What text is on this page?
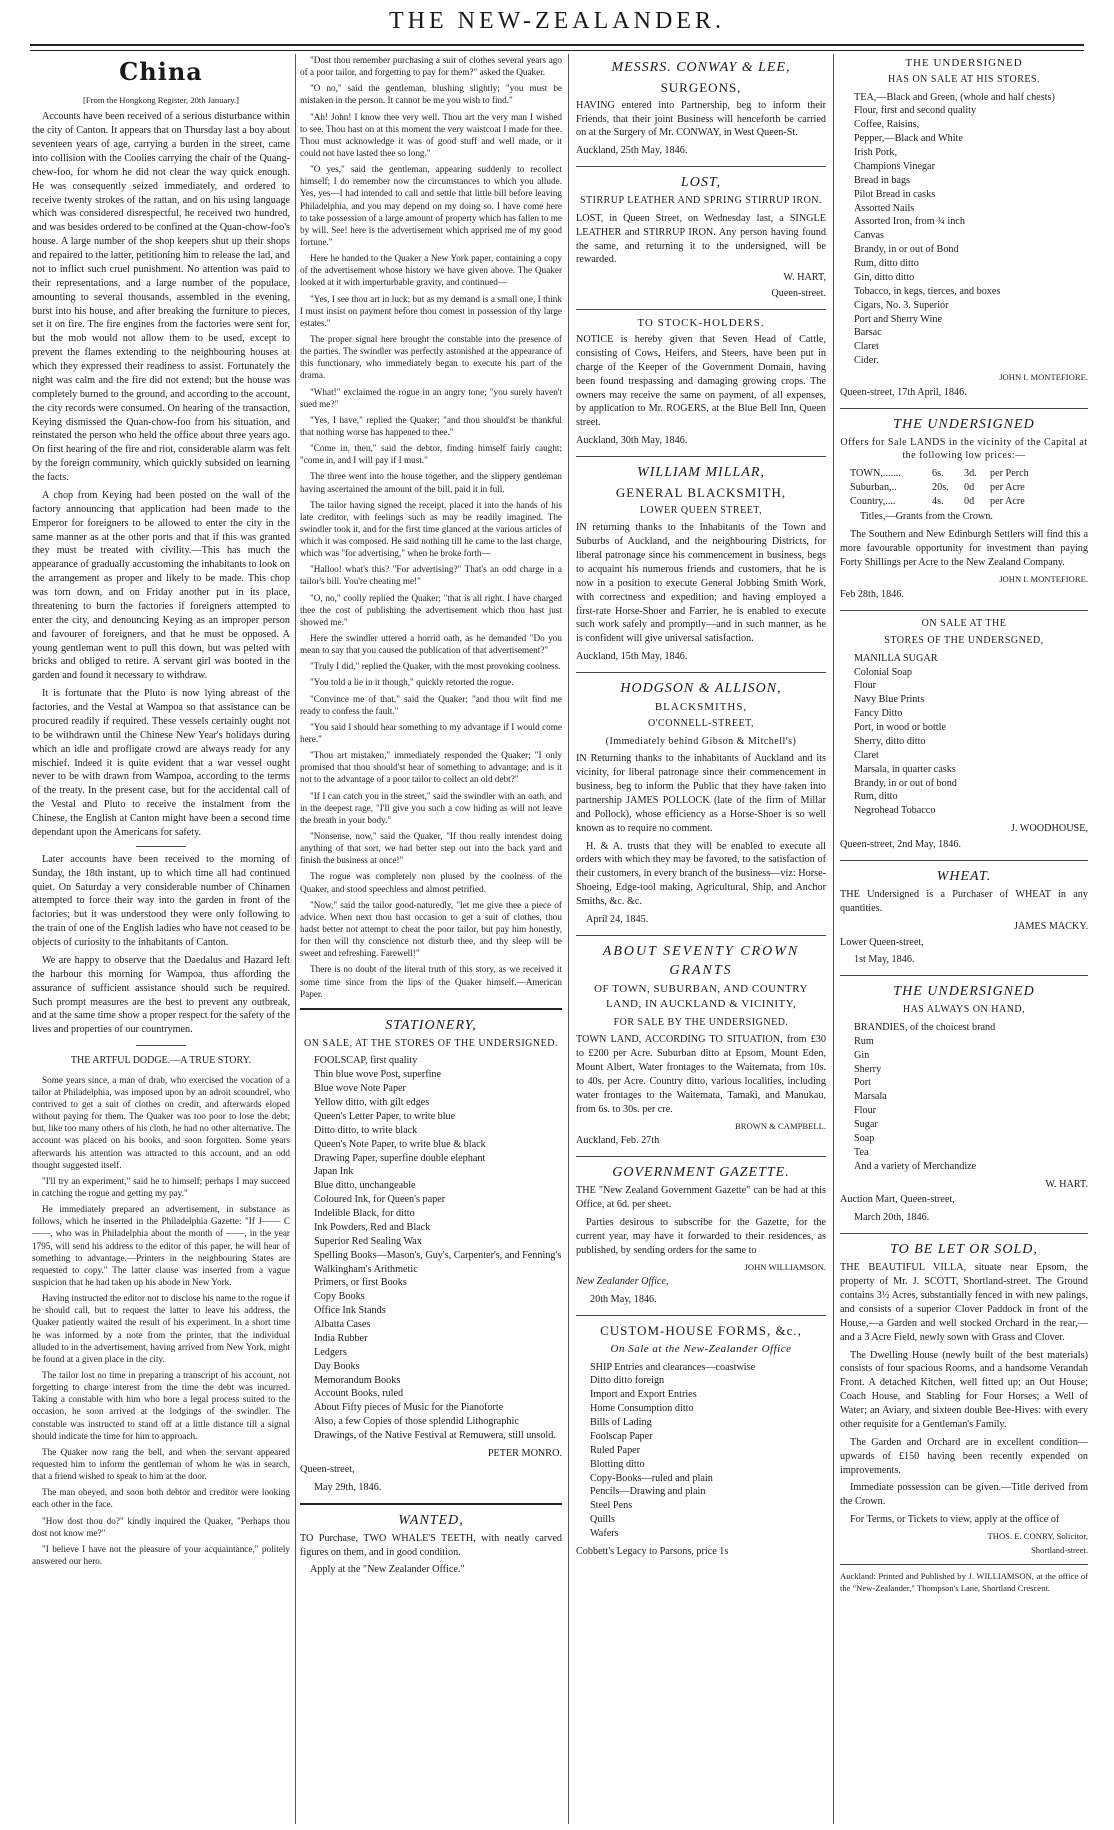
THE NEW-ZEALANDER.
China
[From the Hongkong Register, 20th January.]

Accounts have been received of a serious disturbance within the city of Canton. It appears that on Thursday last a boy about seventeen years of age, carrying a burden in the street, came into collision with the Coolies carrying the chair of the Quang-chew-foo, for whom he did not clear the way quick enough. He was consequently seized immediately, and ordered to receive twenty strokes of the rattan, and on his using language which was considered disrespectful, he received two hundred, and was besides ordered to be confined at the Quan-chow-foo's house. A large number of the shop keepers shut up their shops and repaired to the latter, petitioning him to release the lad, and not to inflict such cruel punishment. No attention was paid to their representations, and a large number of the populace, amounting to several thousands, assembled in the evening, burst into his house, and after breaking the furniture to pieces, set it on fire. The fire engines from the factories were sent for, but the mob would not allow them to be used, except to prevent the flames extending to the neighbouring houses at which they expressed their readiness to assist. Fortunately the night was calm and the fire did not extend; but the house was completely burned to the ground, and according to the account, the city records were consumed. On hearing of the transaction, Keying dismissed the Quan-chow-foo from his situation, and reinstated the person who held the office about three years ago. On first hearing of the fire and riot, considerable alarm was felt by the foreign community, which quickly subsided on learning the facts.

A chop from Keying had been posted on the wall of the factory announcing that application had been made to the Emperor for foreigners to be allowed to enter the city in the same manner as at the other ports and that if this was granted they must be treated with civility.—This has much the appearance of gradually accustoming the inhabitants to look on the arrangement as proper and likely to be made. This chop was torn down, and on Friday another put in its place, threatening to burn the factories if foreigners attempted to enter the city, and denouncing Keying as an improper person and favourer of foreigners, and that he must be opposed. A young gentleman went to pull this down, but was pelted with bricks and obliged to retire. A servant girl was booted in the garden and found it necessary to withdraw.

It is fortunate that the Pluto is now lying abreast of the factories, and the Vestal at Wampoa so that assistance can be procured readily if required. These vessels certainly ought not to be withdrawn until the Chinese New Year's holidays during which an idle and profligate crowd are always ready for any mischief. Indeed it is quite evident that a war vessel ought never to be with drawn from Wampoa, according to the terms of the treaty. In the present case, but for the accidental call of the Vestal and Pluto to receive the instalment from the Chinese, the English at Canton might have been a second time dependant upon the Americans for safety.

Later accounts have been received to the morning of Sunday, the 18th instant, up to which time all had continued quiet. On Saturday a very considerable number of Chinamen attempted to force their way into the garden in front of the factories; but it was understood they were only following to the train of one of the English ladies who have not ceased to be objects of curiosity to the inhabitants of Canton.

We are happy to observe that the Daedalus and Hazard left the harbour this morning for Wampoa, thus affording the assurance of sufficient assistance should such be required. Such prompt measures are the best to prevent any outbreak, and at the same time show a proper respect for the safety of the lives and properties of our countrymen.

THE ARTFUL DODGE.—A TRUE STORY.

Some years since, a man of drab, who exercised the vocation of a tailor at Philadelphia, was imposed upon by an adroit scoundrel, who contrived to get a suit of clothes on credit, and afterwards eloped without paying for them. The Quaker was too poor to lose the debt; but, like too many others of his cloth, he had no other alternative. The account was placed on his books, and soon forgotten. Some years afterwards his attention was attracted to this account, and an odd thought suggested itself.

"I'll try an experiment," said he to himself; perhaps I may succeed in catching the rogue and getting my pay."

He immediately prepared an advertisement, in substance as follows, which he inserted in the Philadelphia Gazette: "If J—— C——, who was in Philadelphia about the month of ——, in the year 1795, will send his address to the editor of this paper, he will hear of something to advantage.—Printers in the neighbouring States are requested to copy." The latter clause was inserted from a vague suspicion that he had taken up his abode in New York.

Having instructed the editor not to disclose his name to the rogue if he should call, but to request the latter to leave his address, the Quaker patiently waited the result of his experiment. In a short time he was informed by a note from the printer, that the individual alluded to in the advertisement, having arrived from New York, might be found at a given place in the city.

The tailor lost no time in preparing a transcript of his account, not forgetting to charge interest from the time the debt was incurred. Taking a constable with him who bore a legal process suited to the occasion, he soon arrived at the lodgings of the swindler. The constable was instructed to stand off at a little distance till a signal should indicate the time for him to approach.

The Quaker now rang the bell, and when the servant appeared requested him to inform the gentleman of whom he was in search, that a friend wished to speak to him at the door.

The man obeyed, and soon both debtor and creditor were looking each other in the face.

"How dost thou do?" kindly inquired the Quaker, "Perhaps thou dost not know me?"

"I believe I have not the pleasure of your acquaintance," politely answered our hero.

"Dost thou remember purchasing a suit of clothes several years ago of a poor tailor, and forgetting to pay for them?" asked the Quaker.

"O no," said the gentleman, blushing slightly; "you must be mistaken in the person. It cannot be me you wish to find."

"Ah! John! I know thee very well. Thou art the very man I wished to see. Thou hast on at this moment the very waistcoat I made for thee. Thou must acknowledge it was of good stuff and well made, or it could not have lasted thee so long."

"O yes," said the gentleman, appearing suddenly to recollect himself; I do remember now the circumstances to which you allude. Yes, yes—I had intended to call and settle that little bill before leaving Philadelphia, and you may depend on my doing so. I have come here to take possession of a large amount of property which has fallen to me by will. See! here is the advertisement which apprised me of my good fortune."

Here he handed to the Quaker a New York paper, containing a copy of the advertisement whose history we have given above. The Quaker looked at it with imperturbable gravity, and continued—

"Yes, I see thou art in luck; but as my demand is a small one, I think I must insist on payment before thou comest in possession of thy large estates."

The proper signal here brought the constable into the presence of the parties. The swindler was perfectly astonished at the appearance of this functionary, who immediately began to execute his part of the drama.

"What!" exclaimed the rogue in an angry tone; "you surely haven't sued me?"

"Yes, I have," replied the Quaker; "and thou should'st be thankful that nothing worse has happened to thee."

"Come in, then," said the debtor, finding himself fairly caught; "come in, and I will pay if I must."

The three went into the house together, and the slippery gentleman having ascertained the amount of the bill, paid it in full.

The tailor having signed the receipt, placed it into the hands of his late creditor, with feelings such as may be readily imagined. The swindler took it, and for the first time glanced at the various articles of which it was composed. He said nothing till he came to the last charge, which was "for advertising," when he broke forth—

"Halloo! what's this? "For advertising?" That's an odd charge in a tailor's bill. You're cheating me!"

"O, no," coolly replied the Quaker; "that is all right. I have charged thee the cost of publishing the advertisement which thou hast just showed me."

Here the swindler uttered a horrid oath, as he demanded "Do you mean to say that you caused the publication of that advertisement?"

"Truly I did," replied the Quaker, with the most provoking coolness.

"You told a lie in it though," quickly retorted the rogue.

"Convince me of that," said the Quaker; "and thou wilt find me ready to confess the fault."

"You said I should hear something to my advantage if I would come here."

"Thou art mistaken," immediately responded the Quaker; "I only promised that thou should'st hear of something to advantage; and is it not to the advantage of a poor tailor to collect an old debt?"

"If I can catch you in the street," said the swindler with an oath, and in the deepest rage, "I'll give you such a cow hiding as will not leave the breath in your body."

"Nonsense, now," said the Quaker, "If thou really intendest doing anything of that sort, we had better step out into the back yard and finish the business at once!"

The rogue was completely non plused by the coolness of the Quaker, and stood speechless and almost petrified.

"Now," said the tailor good-naturedly, "let me give thee a piece of advice. When next thou hast occasion to get a suit of clothes, thou hadst better not attempt to cheat the poor tailor, but pay him honestly, for then will thy conscience not disturb thee, and thy sleep will be sweet and refreshing. Farewell!"

There is no doubt of the literal truth of this story, as we received it some time since from the lips of the Quaker himself.—American Paper.

STATIONERY,
ON SALE, AT THE STORES OF THE UNDERSIGNED.
FOOLSCAP, first quality
Thin blue wove Post, superfine
Blue wove Note Paper
Yellow ditto, with gilt edges
Queen's Letter Paper, to write blue
Ditto ditto, to write black
Queen's Note Paper, to write blue & black
Drawing Paper, superfine double elephant
Japan Ink
Blue ditto, unchangeable
Coloured Ink, for Queen's paper
Indelible Black, for ditto
Ink Powders, Red and Black
Superior Red Sealing Wax
Spelling Books—Mason's, Guy's, Carpenter's, and Fenning's
Walkingham's Arithmetic
Primers, or first Books
Copy Books
Office Ink Stands
Albatta Cases
India Rubber
Ledgers
Day Books
Memorandum Books
Account Books, ruled
About Fifty pieces of Music for the Pianoforte
Also, a few Copies of those splendid Lithographic Drawings, of the Native Festival at Remuwera, still unsold.
PETER MONRO.
Queen-street,
May 29th, 1846.
WANTED,

TO Purchase, TWO WHALE'S TEETH, with neatly carved figures on them, and in good condition.

Apply at the "New Zealander Office."

MESSRS. CONWAY & LEE,
SURGEONS,

HAVING entered into Partnership, beg to inform their Friends, that their joint Business will henceforth be carried on at the Surgery of Mr. CONWAY, in West Queen-St.

Auckland, 25th May, 1846.
LOST,
STIRRUP LEATHER AND SPRING STIRRUP IRON.

LOST, in Queen Street, on Wednesday last, a SINGLE LEATHER and STIRRUP IRON. Any person having found the same, and returning it to the undersigned, will be rewarded.

W. HART,
Queen-street.
TO STOCK-HOLDERS.

NOTICE is hereby given that Seven Head of Cattle, consisting of Cows, Heifers, and Steers, have been put in charge of the Keeper of the Government Domain, having been found trespassing and damaging growing crops. The owners may receive the same on payment, of all expenses, by application to Mr. ROGERS, at the Blue Bell Inn, Queen street.

Auckland, 30th May, 1846.
WILLIAM MILLAR,
GENERAL BLACKSMITH,
LOWER QUEEN STREET,

IN returning thanks to the Inhabitants of the Town and Suburbs of Auckland, and the neighbouring Districts, for liberal patronage since his commencement in business, begs to acquaint his numerous friends and customers, that he is now in a position to execute General Jobbing Smith Work, with correctness and expedition; and having employed a first-rate Horse-Shoer and Farrier, he is enabled to execute such work safely and promptly—and in such manner, as he is confident will give universal satisfaction.

Auckland, 15th May, 1846.
HODGSON & ALLISON,
BLACKSMITHS,
O'CONNELL-STREET,
(Immediately behind Gibson & Mitchell's)

IN Returning thanks to the inhabitants of Auckland and its vicinity, for liberal patronage since their commencement in business, beg to inform the Public that they have taken into partnership JAMES POLLOCK (late of the firm of Millar and Pollock), whose efficiency as a Horse-Shoer is so well known as to require no comment.

H. & A. trusts that they will be enabled to execute all orders with which they may be favored, to the satisfaction of their customers, in every branch of the business—viz: Horse-Shoeing, Edge-tool making, Agricultural, Ship, and Anchor Smiths, &c. &c.

April 24, 1845.
ABOUT SEVENTY CROWN GRANTS
OF TOWN, SUBURBAN, AND COUNTRY LAND, IN AUCKLAND & VICINITY,
FOR SALE BY THE UNDERSIGNED.

TOWN LAND, ACCORDING TO SITUATION, from £30 to £200 per Acre. Suburban ditto at Epsom, Mount Eden, Mount Albert, Water frontages to the Waitemata, from 10s. to 40s. per Acre. Country ditto, various localities, including water frontages to the Waitemata, Tamaki, and Manukau, from 6s. to 30s. per cre.

BROWN & CAMPBELL.
Auckland, Feb. 27th
GOVERNMENT GAZETTE.

THE "New Zealand Government Gazette" can be had at this Office, at 6d. per sheet.

Parties desirous to subscribe for the Gazette, for the current year, may have it forwarded to their residences, as published, by sending orders for the same to

JOHN WILLIAMSON.
New Zealander Office,
20th May, 1846.
CUSTOM-HOUSE FORMS, &c.,
On Sale at the New-Zealander Office
SHIP Entries and clearances—coastwise
Ditto ditto foreign
Import and Export Entries
Home Consumption ditto
Bills of Lading
Foolscap Paper
Ruled Paper
Blotting ditto
Copy-Books—ruled and plain
Pencils—Drawing and plain
Steel Pens
Quills
Wafers
Cobbett's Legacy to Parsons, price 1s
THE UNDERSIGNED
HAS ON SALE AT HIS STORES.
TEA,—Black and Green, (whole and half chests)
Flour, first and second quality
Coffee, Raisins,
Pepper,—Black and White
Irish Pork,
Champions Vinegar
Bread in bags
Pilot Bread in casks
Assorted Nails
Assorted Iron, from ¾ inch
Canvas
Brandy, in or out of Bond
Rum, ditto ditto
Gin, ditto ditto
Tobacco, in kegs, tierces, and boxes
Cigars, No. 3. Superior
Port and Sherry Wine
Barsac
Claret
Cider.
JOHN I. MONTEFIORE.
Queen-street, 17th April, 1846.
THE UNDERSIGNED
Offers for Sale LANDS in the vicinity of the Capital at the following low prices:—
TOWN,.......	6s.	3d.	per Perch
Suburban,..	20s.	0d	per Acre
Country,....	4s.	0d	per Acre
Titles,—Grants from the Crown.

The Southern and New Edinburgh Settlers will find this a more favourable opportunity for investment than paying Forty Shillings per Acre to the New Zealand Company.

JOHN I. MONTEFIORE.
Feb 28th, 1846.
ON SALE AT THE
STORES OF THE UNDERSGNED,
MANILLA SUGAR
Colonial Soap
Flour
Navy Blue Prints
Fancy Ditto
Port, in wood or bottle
Sherry, ditto ditto
Claret
Marsala, in quarter casks
Brandy, in or out of bond
Rum, ditto
Negrohead Tobacco
J. WOODHOUSE,
Queen-street, 2nd May, 1846.
WHEAT.

THE Undersigned is a Purchaser of WHEAT in any quantities.

JAMES MACKY.
Lower Queen-street,
1st May, 1846.
THE UNDERSIGNED
HAS ALWAYS ON HAND,
BRANDIES, of the choicest brand
Rum
Gin
Sherry
Port
Marsala
Flour
Sugar
Soap
Tea
And a variety of Merchandize
W. HART.
Auction Mart, Queen-street,
March 20th, 1846.
TO BE LET OR SOLD,

THE BEAUTIFUL VILLA, situate near Epsom, the property of Mr. J. SCOTT, Shortland-street. The Ground contains 3½ Acres, substantially fenced in with new palings, and consists of a superior Clover Paddock in front of the House,—a Garden and well stocked Orchard in the rear,—and a 3 Acre Field, newly sown with Grass and Clover.

The Dwelling House (newly built of the best materials) consists of four spacious Rooms, and a handsome Verandah Front. A detached Kitchen, well fitted up; an Out House; Coach House, and Stabling for Four Horses; a Well of Water; an Aviary, and sixteen double Bee-Hives: with every other requisite for a Gentleman's Family.

The Garden and Orchard are in excellent condition—upwards of £150 having been recently expended on improvements.

Immediate possession can be given.—Title derived from the Crown.

For Terms, or Tickets to view, apply at the office of

THOS. E. CONRY, Solicitor,
Shortland-street.
Auckland: Printed and Published by J. WILLIAMSON, at the office of the "New-Zealander," Thompson's Lane, Shortland Crescent.
